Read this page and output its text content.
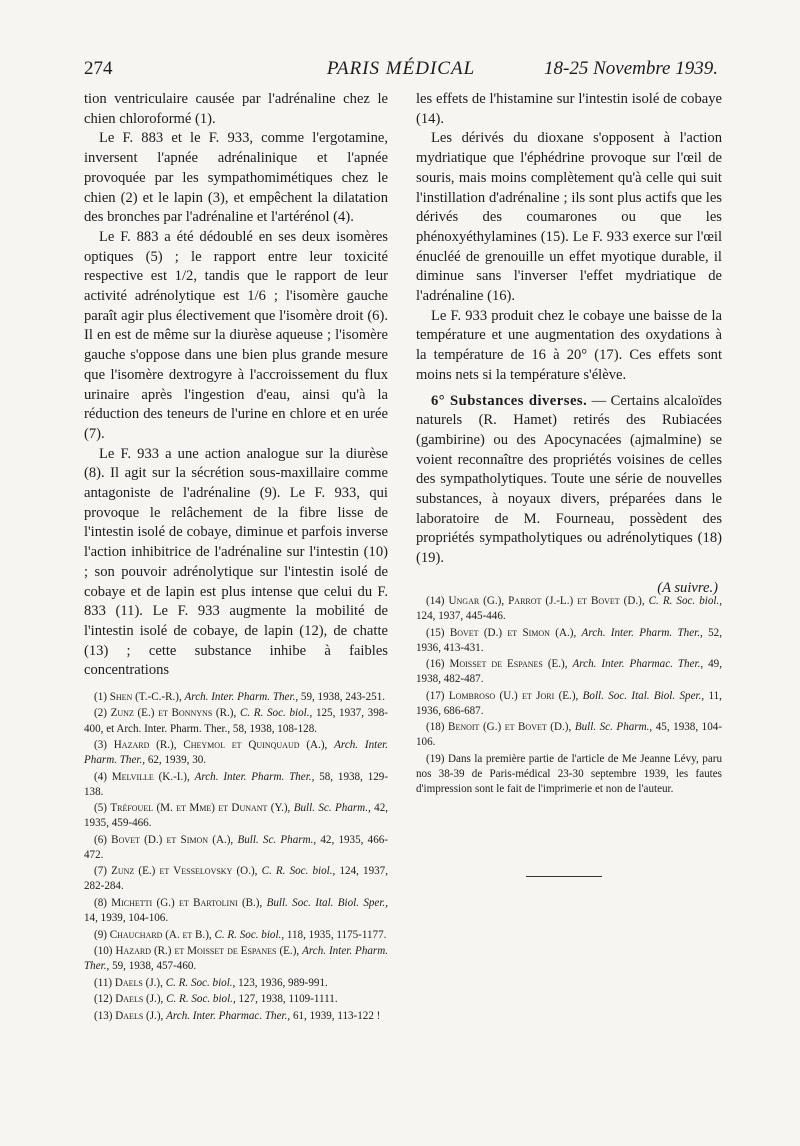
274	PARIS MÉDICAL	18-25 Novembre 1939.

tion ventriculaire causée par l'adrénaline chez le chien chloroformé (1).

Le F. 883 et le F. 933, comme l'ergotamine, inversent l'apnée adrénalinique et l'apnée provoquée par les sympathomimétiques chez le chien (2) et le lapin (3), et empêchent la dilatation des bronches par l'adrénaline et l'artérénol (4).

Le F. 883 a été dédoublé en ses deux isomères optiques (5) ; le rapport entre leur toxicité respective est 1/2, tandis que le rapport de leur activité adrénolytique est 1/6 ; l'isomère gauche paraît agir plus électivement que l'isomère droit (6). Il en est de même sur la diurèse aqueuse ; l'isomère gauche s'oppose dans une bien plus grande mesure que l'isomère dextrogyre à l'accroissement du flux urinaire après l'ingestion d'eau, ainsi qu'à la réduction des teneurs de l'urine en chlore et en urée (7).

Le F. 933 a une action analogue sur la diurèse (8). Il agit sur la sécrétion sous-maxillaire comme antagoniste de l'adrénaline (9). Le F. 933, qui provoque le relâchement de la fibre lisse de l'intestin isolé de cobaye, diminue et parfois inverse l'action inhibitrice de l'adrénaline sur l'intestin (10) ; son pouvoir adrénolytique sur l'intestin isolé de cobaye et de lapin est plus intense que celui du F. 833 (11). Le F. 933 augmente la mobilité de l'intestin isolé de cobaye, de lapin (12), de chatte (13) ; cette substance inhibe à faibles concentrations

les effets de l'histamine sur l'intestin isolé de cobaye (14).

Les dérivés du dioxane s'opposent à l'action mydriatique que l'éphédrine provoque sur l'œil de souris, mais moins complètement qu'à celle qui suit l'instillation d'adrénaline ; ils sont plus actifs que les dérivés des coumarones ou que les phénoxyéthylamines (15). Le F. 933 exerce sur l'œil énucléé de grenouille un effet myotique durable, il diminue sans l'inverser l'effet mydriatique de l'adrénaline (16).

Le F. 933 produit chez le cobaye une baisse de la température et une augmentation des oxydations à la température de 16 à 20° (17). Ces effets sont moins nets si la température s'élève.

6° Substances diverses. — Certains alcaloïdes naturels (R. Hamet) retirés des Rubiacées (gambirine) ou des Apocynacées (ajmalmine) se voient reconnaître des propriétés voisines de celles des sympatholytiques. Toute une série de nouvelles substances, à noyaux divers, préparées dans le laboratoire de M. Fourneau, possèdent des propriétés sympatholytiques ou adrénolytiques (18)(19).

(A suivre.)

(1) Shen (T.-C.-R.), Arch. Inter. Pharm. Ther., 59, 1938, 243-251.

(2) Zunz (E.) et Bonnyns (R.), C. R. Soc. biol., 125, 1937, 398-400, et Arch. Inter. Pharm. Ther., 58, 1938, 108-128.

(3) Hazard (R.), Cheymol et Quinquaud (A.), Arch. Inter. Pharm. Ther., 62, 1939, 30.

(4) Melville (K.-I.), Arch. Inter. Pharm. Ther., 58, 1938, 129-138.

(5) Tréfouel (M. et Mme) et Dunant (Y.), Bull. Sc. Pharm., 42, 1935, 459-466.

(6) Bovet (D.) et Simon (A.), Bull. Sc. Pharm., 42, 1935, 466-472.

(7) Zunz (E.) et Vesselovsky (O.), C. R. Soc. biol., 124, 1937, 282-284.

(8) Michetti (G.) et Bartolini (B.), Bull. Soc. Ital. Biol. Sper., 14, 1939, 104-106.

(9) Chauchard (A. et B.), C. R. Soc. biol., 118, 1935, 1175-1177.

(10) Hazard (R.) et Moisset de Espanes (E.), Arch. Inter. Pharm. Ther., 59, 1938, 457-460.

(11) Daels (J.), C. R. Soc. biol., 123, 1936, 989-991.

(12) Daels (J.), C. R. Soc. biol., 127, 1938, 1109-1111.

(13) Daels (J.), Arch. Inter. Pharmac. Ther., 61, 1939, 113-122 !

(14) Ungar (G.), Parrot (J.-L.) et Bovet (D.), C. R. Soc. biol., 124, 1937, 445-446.

(15) Bovet (D.) et Simon (A.), Arch. Inter. Pharm. Ther., 52, 1936, 413-431.

(16) Moisset de Espanes (E.), Arch. Inter. Pharmac. Ther., 49, 1938, 482-487.

(17) Lombroso (U.) et Jori (E.), Boll. Soc. Ital. Biol. Sper., 11, 1936, 686-687.

(18) Benoit (G.) et Bovet (D.), Bull. Sc. Pharm., 45, 1938, 104-106.

(19) Dans la première partie de l'article de Me Jeanne Lévy, paru nos 38-39 de Paris-médical 23-30 septembre 1939, les fautes d'impression sont le fait de l'imprimerie et non de l'auteur.
